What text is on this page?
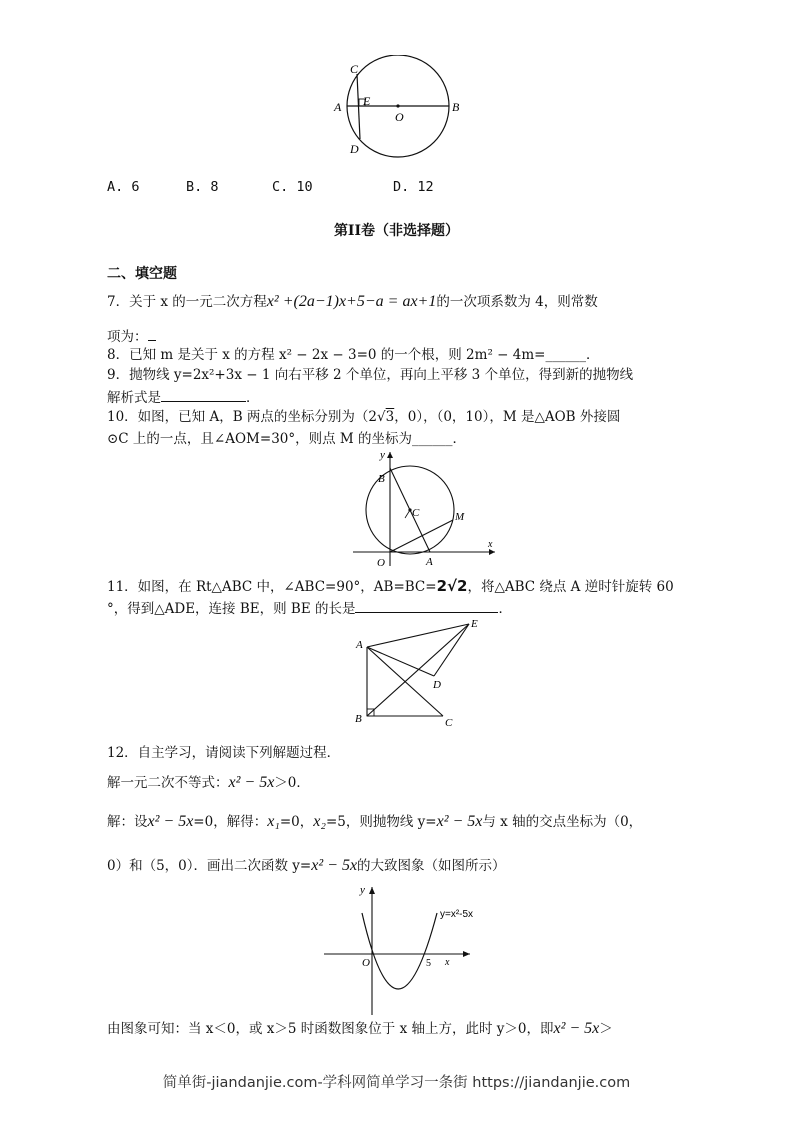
C
A E
O
B
D
A. 6	B. 8	C. 10	D. 12
第II卷（非选择题）
二、填空题
7．关于 x 的一元二次方程x² +(2a−1)x+5−a = ax+1的一次项系数为 4，则常数
项为：
8．已知 m 是关于 x 的方程 x² − 2x − 3=0 的一个根，则 2m² − 4m=______．
9．抛物线 y=2x²+3x − 1 向右平移 2 个单位，再向上平移 3 个单位，得到新的抛物线
解析式是	．
10．如图，已知 A，B 两点的坐标分别为（2√3，0），（0，10），M 是△AOB 外接圆
⊙C 上的一点，且∠AOM=30°，则点 M 的坐标为______．
y
B
C	M
O	A
x
11．如图，在 Rt△ABC 中，∠ABC=90°，AB=BC=2√2，将△ABC 绕点 A 逆时针旋转 60
°，得到△ADE，连接 BE，则 BE 的长是	．
A
E
D
B	C
12．自主学习，请阅读下列解题过程．
解一元二次不等式：x² − 5x＞0．
解：设x² − 5x=0，解得：x₁=0，x₂=5，则抛物线 y=x² − 5x与 x 轴的交点坐标为（0，
0）和（5，0）．画出二次函数 y=x² − 5x的大致图象（如图所示）
y
y=x²-5x
O	5 x
由图象可知：当 x＜0，或 x＞5 时函数图象位于 x 轴上方，此时 y＞0，即x² − 5x＞
简单街-jiandanjie.com-学科网简单学习一条街 https://jiandanjie.com
